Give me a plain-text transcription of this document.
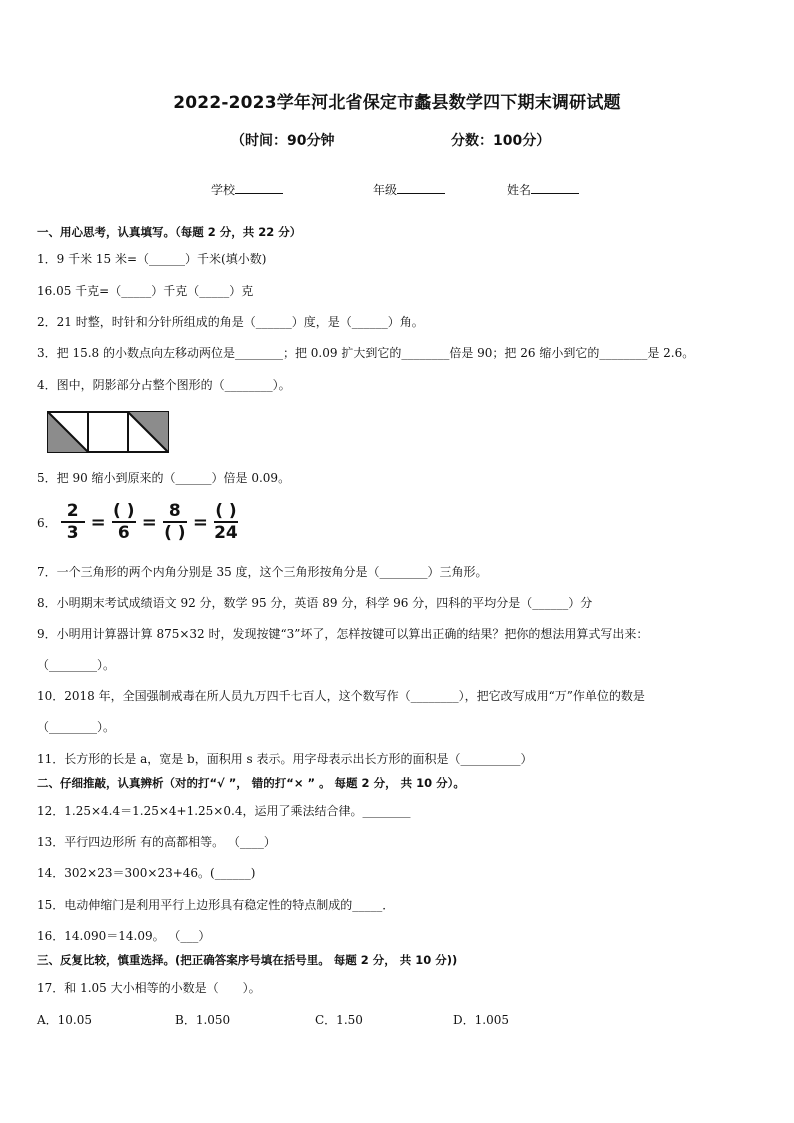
2022-2023学年河北省保定市蠡县数学四下期末调研试题
（时间：90分钟	分数：100分）
学校	年级	姓名
一、用心思考，认真填写。（每题 2 分，共 22 分）
1．9 千米 15 米=（______）千米(填小数)
16.05 千克=（_____）千克（_____）克
2．21 时整，时针和分针所组成的角是（______）度，是（______）角。
3．把 15.8 的小数点向左移动两位是________；把 0.09 扩大到它的________倍是 90；把 26 缩小到它的________是 2.6。
4．图中，阴影部分占整个图形的（________）。
5．把 90 缩小到原来的（______）倍是 0.09。
6． $\frac{2}{3} = \frac{( )}{6} = \frac{8}{( )} = \frac{( )}{24}$
7．一个三角形的两个内角分别是 35 度，这个三角形按角分是（________）三角形。
8．小明期末考试成绩语文 92 分，数学 95 分，英语 89 分，科学 96 分，四科的平均分是（______）分
9．小明用计算器计算 875×32 时，发现按键“3”坏了，怎样按键可以算出正确的结果？把你的想法用算式写出来：
（________）。
10．2018 年，全国强制戒毒在所人员九万四千七百人，这个数写作（________），把它改写成用“万”作单位的数是
（________）。
11．长方形的长是 a，宽是 b，面积用 s 表示。用字母表示出长方形的面积是（__________）
二、仔细推敲，认真辨析（对的打“√ ”， 错的打“× ” 。 每题 2 分， 共 10 分）。
12．1.25×4.4＝1.25×4+1.25×0.4，运用了乘法结合律。________
13．平行四边形所 有的高都相等。 （____）
14．302×23＝300×23+46。(______)
15．电动伸缩门是利用平行上边形具有稳定性的特点制成的_____．
16．14.090＝14.09。 （___）
三、反复比较，慎重选择。(把正确答案序号填在括号里。 每题 2 分， 共 10 分))
17．和 1.05 大小相等的小数是（　　）。
A．10.05	B．1.050	C．1.50	D．1.005
